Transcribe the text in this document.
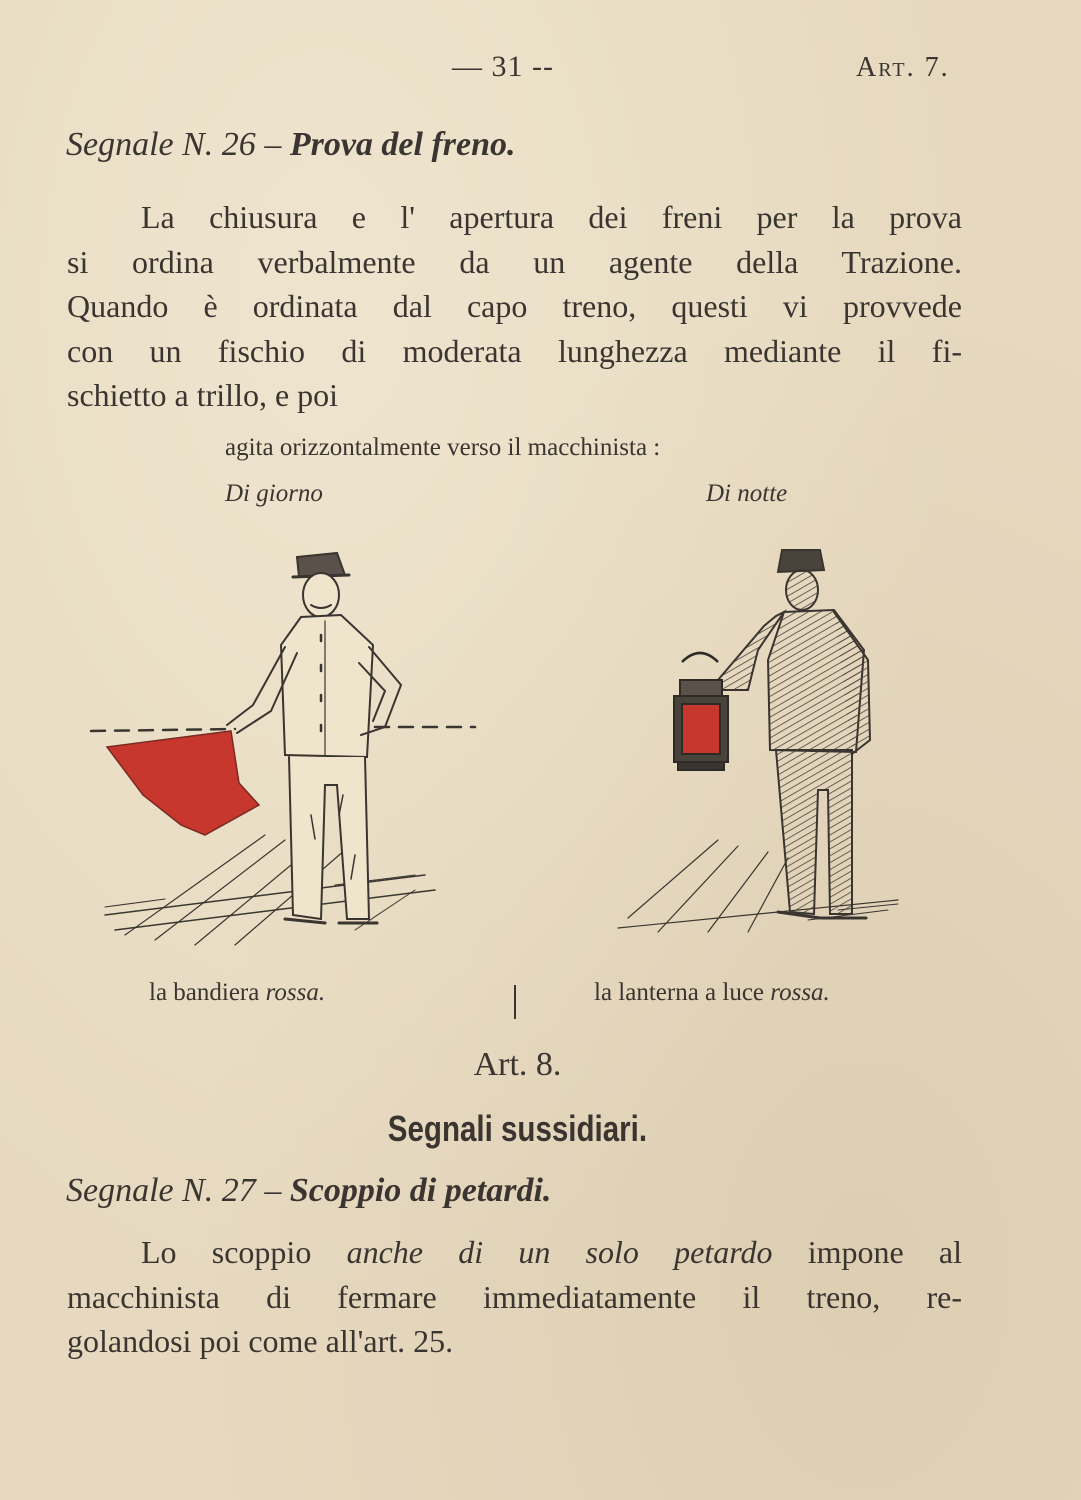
— 31 --	Art. 7.
Segnale N. 26 – Prova del freno.
La chiusura e l' apertura dei freni per la prova
si ordina verbalmente da un agente della Trazione.
Quando è ordinata dal capo treno, questi vi provvede
con un fischio di moderata lunghezza mediante il fi-
schietto a trillo, e poi
agita orizzontalmente verso il macchinista :
Di giorno	Di notte
la bandiera rossa.	la lanterna a luce rossa.
Art. 8.
Segnali sussidiari.
Segnale N. 27 – Scoppio di petardi.
Lo scoppio anche di un solo petardo impone al
macchinista di fermare immediatamente il treno, re-
golandosi poi come all'art. 25.
